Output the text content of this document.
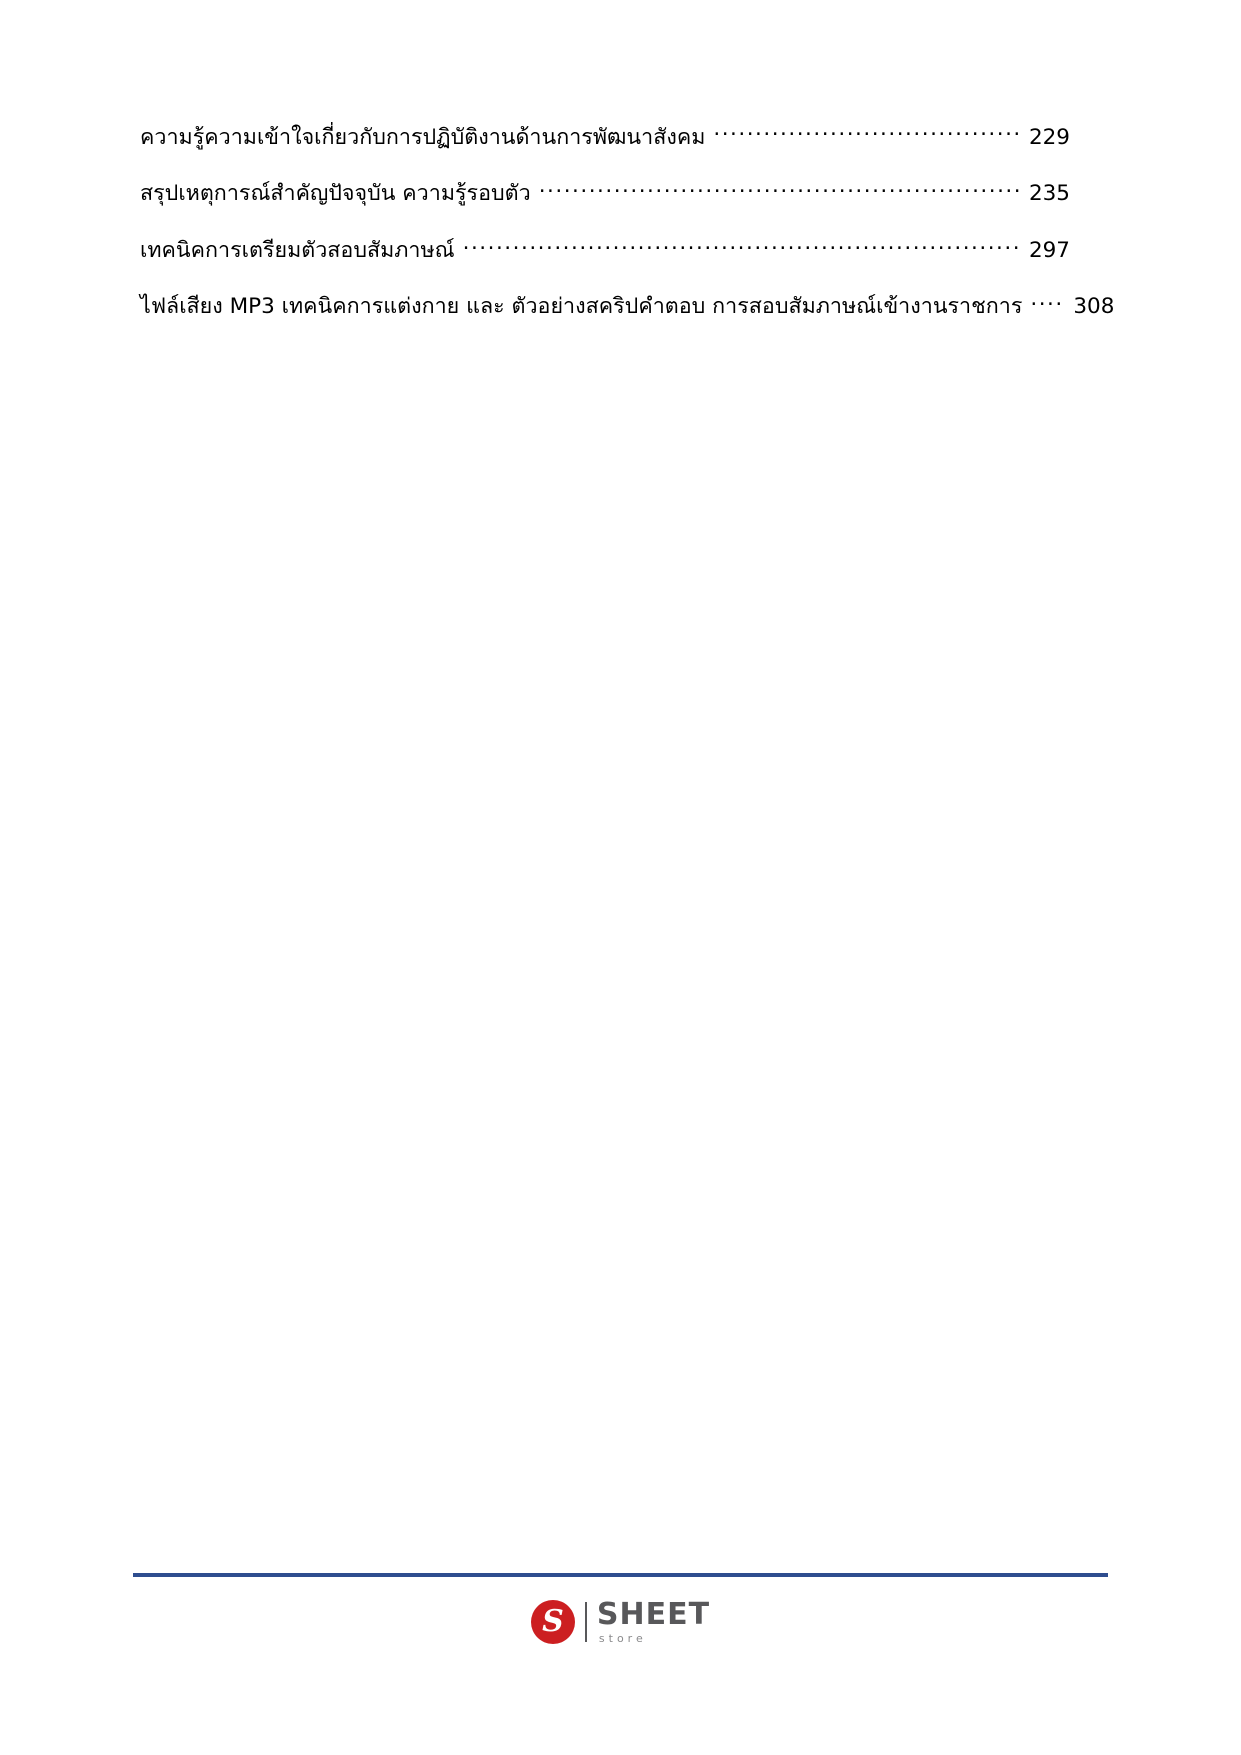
ความรู้ความเข้าใจเกี่ยวกับการปฏิบัติงานด้านการพัฒนาสังคม .....	229
สรุปเหตุการณ์สำคัญปัจจุบัน ความรู้รอบตัว .....	235
เทคนิคการเตรียมตัวสอบสัมภาษณ์ .....	297
ไฟล์เสียง MP3 เทคนิคการแต่งกาย และ ตัวอย่างสคริปคำตอบ การสอบสัมภาษณ์เข้างานราชการ ..... 308
S	SHEET
store
